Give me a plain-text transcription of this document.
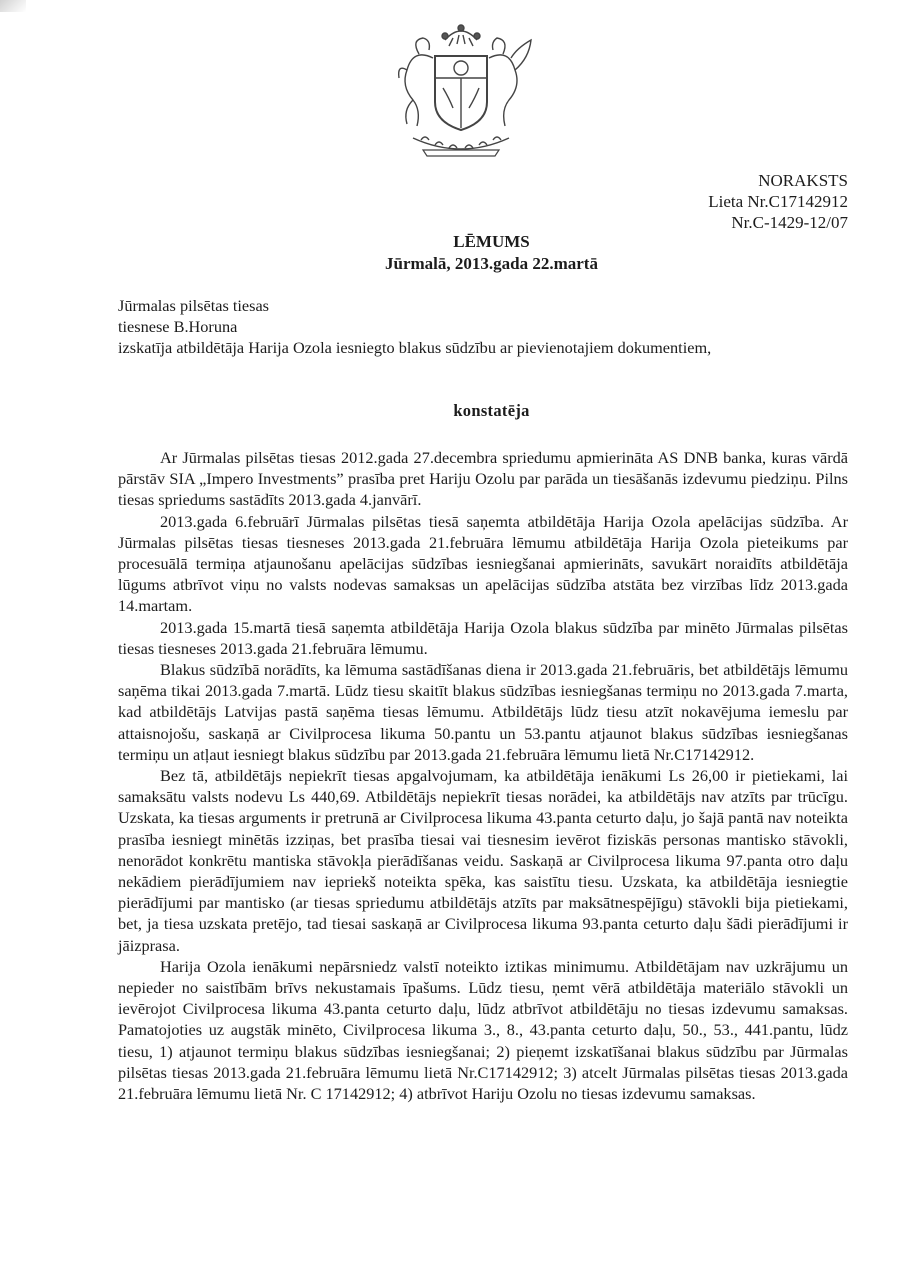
NORAKSTS
Lieta Nr.C17142912
Nr.C-1429-12/07
LĒMUMS
Jūrmalā, 2013.gada 22.martā
Jūrmalas pilsētas tiesas
tiesnese B.Horuna
izskatīja atbildētāja Harija Ozola iesniegto blakus sūdzību ar pievienotajiem dokumentiem,
konstatēja

Ar Jūrmalas pilsētas tiesas 2012.gada 27.decembra spriedumu apmierināta AS DNB banka, kuras vārdā pārstāv SIA „Impero Investments” prasība pret Hariju Ozolu par parāda un tiesāšanās izdevumu piedziņu. Pilns tiesas spriedums sastādīts 2013.gada 4.janvārī.

2013.gada 6.februārī Jūrmalas pilsētas tiesā saņemta atbildētāja Harija Ozola apelācijas sūdzība. Ar Jūrmalas pilsētas tiesas tiesneses 2013.gada 21.februāra lēmumu atbildētāja Harija Ozola pieteikums par procesuālā termiņa atjaunošanu apelācijas sūdzības iesniegšanai apmierināts, savukārt noraidīts atbildētāja lūgums atbrīvot viņu no valsts nodevas samaksas un apelācijas sūdzība atstāta bez virzības līdz 2013.gada 14.martam.

2013.gada 15.martā tiesā saņemta atbildētāja Harija Ozola blakus sūdzība par minēto Jūrmalas pilsētas tiesas tiesneses 2013.gada 21.februāra lēmumu.

Blakus sūdzībā norādīts, ka lēmuma sastādīšanas diena ir 2013.gada 21.februāris, bet atbildētājs lēmumu saņēma tikai 2013.gada 7.martā. Lūdz tiesu skaitīt blakus sūdzības iesniegšanas termiņu no 2013.gada 7.marta, kad atbildētājs Latvijas pastā saņēma tiesas lēmumu. Atbildētājs lūdz tiesu atzīt nokavējuma iemeslu par attaisnojošu, saskaņā ar Civilprocesa likuma 50.pantu un 53.pantu atjaunot blakus sūdzības iesniegšanas termiņu un atļaut iesniegt blakus sūdzību par 2013.gada 21.februāra lēmumu lietā Nr.C17142912.

Bez tā, atbildētājs nepiekrīt tiesas apgalvojumam, ka atbildētāja ienākumi Ls 26,00 ir pietiekami, lai samaksātu valsts nodevu Ls 440,69. Atbildētājs nepiekrīt tiesas norādei, ka atbildētājs nav atzīts par trūcīgu. Uzskata, ka tiesas arguments ir pretrunā ar Civilprocesa likuma 43.panta ceturto daļu, jo šajā pantā nav noteikta prasība iesniegt minētās izziņas, bet prasība tiesai vai tiesnesim ievērot fiziskās personas mantisko stāvokli, nenorādot konkrētu mantiska stāvokļa pierādīšanas veidu. Saskaņā ar Civilprocesa likuma 97.panta otro daļu nekādiem pierādījumiem nav iepriekš noteikta spēka, kas saistītu tiesu. Uzskata, ka atbildētāja iesniegtie pierādījumi par mantisko (ar tiesas spriedumu atbildētājs atzīts par maksātnespējīgu) stāvokli bija pietiekami, bet, ja tiesa uzskata pretējo, tad tiesai saskaņā ar Civilprocesa likuma 93.panta ceturto daļu šādi pierādījumi ir jāizprasa.

Harija Ozola ienākumi nepārsniedz valstī noteikto iztikas minimumu. Atbildētājam nav uzkrājumu un nepieder no saistībām brīvs nekustamais īpašums. Lūdz tiesu, ņemt vērā atbildētāja materiālo stāvokli un ievērojot Civilprocesa likuma 43.panta ceturto daļu, lūdz atbrīvot atbildētāju no tiesas izdevumu samaksas. Pamatojoties uz augstāk minēto, Civilprocesa likuma 3., 8., 43.panta ceturto daļu, 50., 53., 441.pantu, lūdz tiesu, 1) atjaunot termiņu blakus sūdzības iesniegšanai; 2) pieņemt izskatīšanai blakus sūdzību par Jūrmalas pilsētas tiesas 2013.gada 21.februāra lēmumu lietā Nr.C17142912; 3) atcelt Jūrmalas pilsētas tiesas 2013.gada 21.februāra lēmumu lietā Nr. C 17142912; 4) atbrīvot Hariju Ozolu no tiesas izdevumu samaksas.
